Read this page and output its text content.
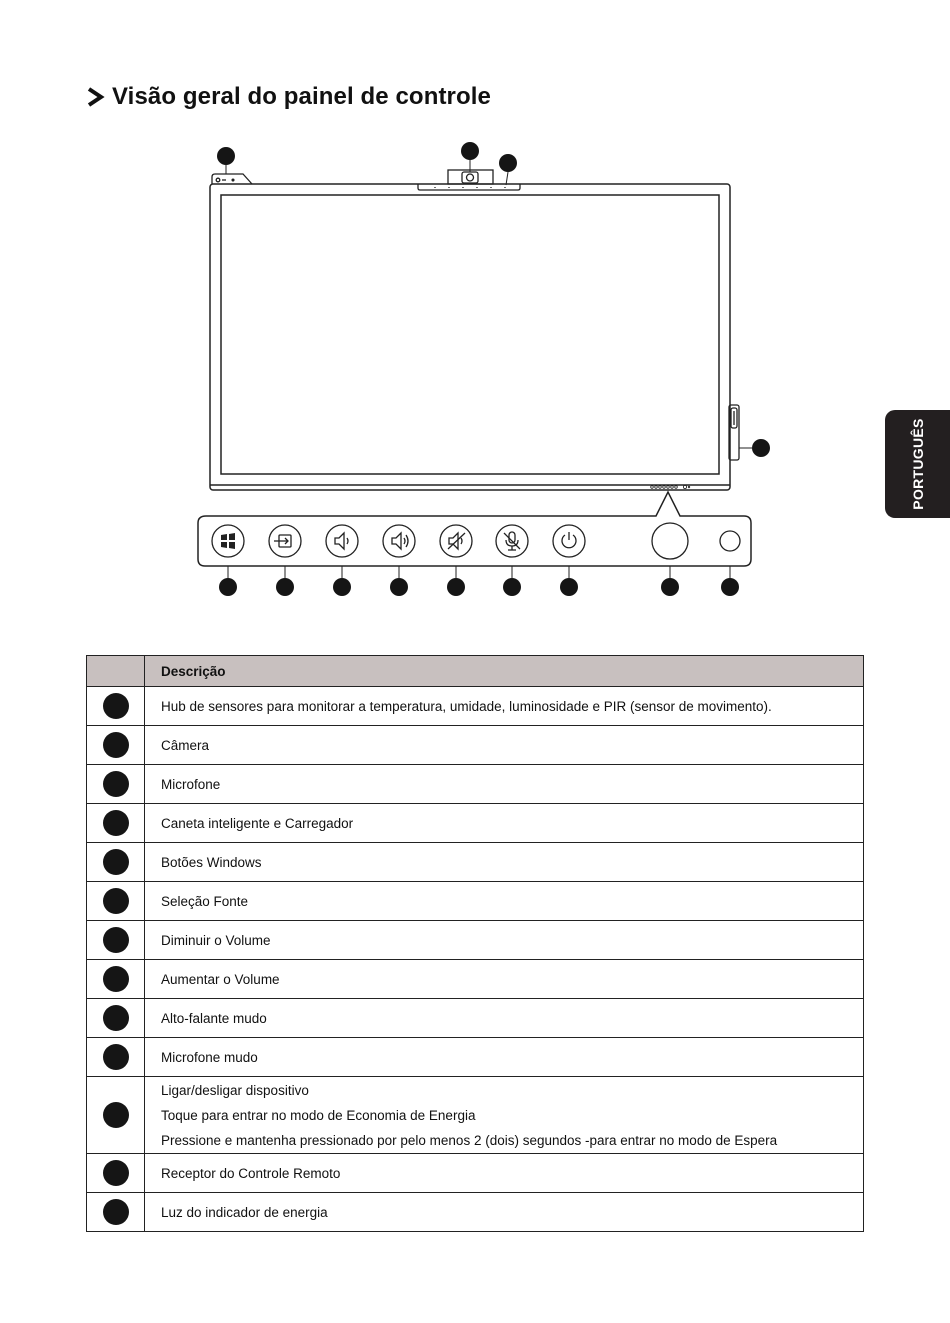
Visão geral do painel de controle
PORTUGUÊS
	Descrição

	Hub de sensores para monitorar a temperatura, umidade, luminosidade e PIR (sensor de movimento).

	Câmera

	Microfone

	Caneta inteligente e Carregador

	Botões Windows

	Seleção Fonte

	Diminuir o Volume

	Aumentar o Volume

	Alto-falante mudo

	Microfone mudo

	Ligar/desligar dispositivo
Toque para entrar no modo de Economia de Energia
Pressione e mantenha pressionado por pelo menos 2 (dois) segundos -para entrar no modo de Espera

	Receptor do Controle Remoto

	Luz do indicador de energia
